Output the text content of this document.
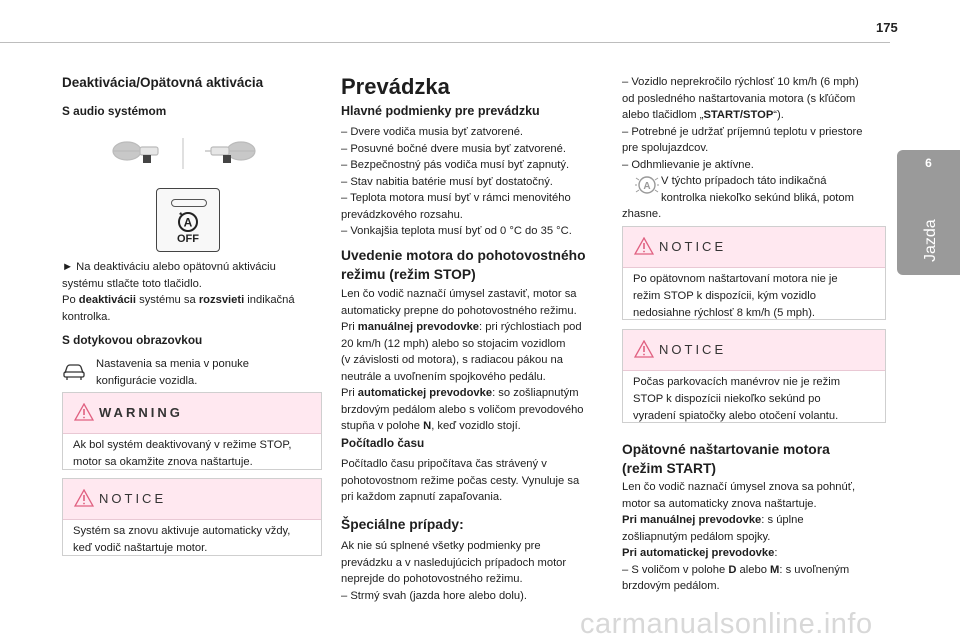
175
6
Jazda
Deaktivácia/Opätovná aktivácia
S audio systémom
A
OFF
► Na deaktiváciu alebo opätovnú aktiváciu
systému stlačte toto tlačidlo.
Po deaktivácii systému sa rozsvieti indikačná
kontrolka.
S dotykovou obrazovkou
Nastavenia sa menia v ponuke
konfigurácie vozidla.
WARNING
Ak bol systém deaktivovaný v režime STOP,
motor sa okamžite znova naštartuje.
NOTICE
Systém sa znovu aktivuje automaticky vždy,
keď vodič naštartuje motor.
Prevádzka
Hlavné podmienky pre prevádzku
– Dvere vodiča musia byť zatvorené.
– Posuvné bočné dvere musia byť zatvorené.
– Bezpečnostný pás vodiča musí byť zapnutý.
– Stav nabitia batérie musí byť dostatočný.
– Teplota motora musí byť v rámci menovitého
prevádzkového rozsahu.
– Vonkajšia teplota musí byť od 0 °C do 35 °C.
Uvedenie motora do pohotovostného
režimu (režim STOP)
Len čo vodič naznačí úmysel zastaviť, motor sa
automaticky prepne do pohotovostného režimu.
Pri manuálnej prevodovke: pri rýchlostiach pod
20 km/h (12 mph) alebo so stojacim vozidlom
(v závislosti od motora), s radiacou pákou na
neutrále a uvoľnením spojkového pedálu.
Pri automatickej prevodovke: so zošliapnutým
brzdovým pedálom alebo s voličom prevodového
stupňa v polohe N, keď vozidlo stojí.
Počítadlo času
Počítadlo času pripočítava čas strávený v
pohotovostnom režime počas cesty. Vynuluje sa
pri každom zapnutí zapaľovania.
Špeciálne prípady:
Ak nie sú splnené všetky podmienky pre
prevádzku a v nasledujúcich prípadoch motor
neprejde do pohotovostného režimu.
– Strmý svah (jazda hore alebo dolu).
– Vozidlo neprekročilo rýchlosť 10 km/h (6 mph)
od posledného naštartovania motora (s kľúčom
alebo tlačidlom „START/STOP“).
– Potrebné je udržať príjemnú teplotu v priestore
pre spolujazdcov.
– Odhmlievanie je aktívne.
A V týchto prípadoch táto indikačná
kontrolka niekoľko sekúnd bliká, potom
zhasne.
NOTICE
Po opätovnom naštartovaní motora nie je
režim STOP k dispozícii, kým vozidlo
nedosiahne rýchlosť 8 km/h (5 mph).
NOTICE
Počas parkovacích manévrov nie je režim
STOP k dispozícii niekoľko sekúnd po
vyradení spiatočky alebo otočení volantu.
Opätovné naštartovanie motora
(režim START)
Len čo vodič naznačí úmysel znova sa pohnúť,
motor sa automaticky znova naštartuje.
Pri manuálnej prevodovke: s úplne
zošliapnutým pedálom spojky.
Pri automatickej prevodovke:
– S voličom v polohe D alebo M: s uvoľneným
brzdovým pedálom.
carmanualsonline.info
